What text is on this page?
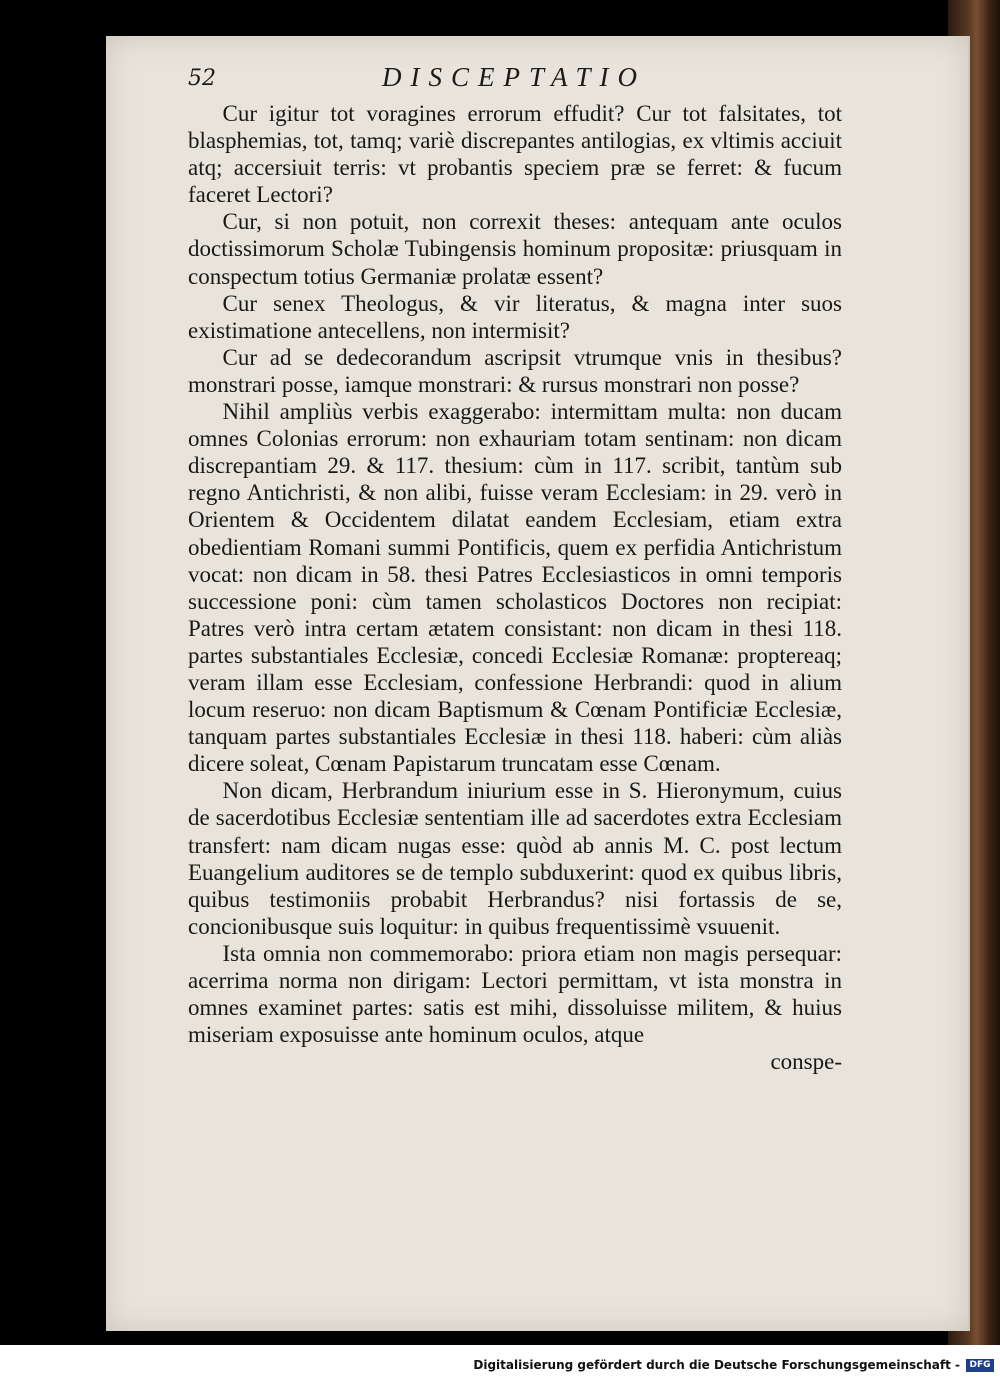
52	DISCEPTATIO

Cur igitur tot voragines errorum effudit? Cur tot falsitates, tot blasphemias, tot, tamq; variè discrepantes antilogias, ex vltimis acciuit atq; accersiuit terris: vt probantis speciem præ se ferret: & fucum faceret Lectori?

Cur, si non potuit, non correxit theses: antequam ante oculos doctissimorum Scholæ Tubingensis hominum propositæ: priusquam in conspectum totius Germaniæ prolatæ essent?

Cur senex Theologus, & vir literatus, & magna inter suos existimatione antecellens, non intermisit?

Cur ad se dedecorandum ascripsit vtrumque vnis in thesibus? monstrari posse, iamque monstrari: & rursus monstrari non posse?

Nihil ampliùs verbis exaggerabo: intermittam multa: non ducam omnes Colonias errorum: non exhauriam totam sentinam: non dicam discrepantiam 29. & 117. thesium: cùm in 117. scribit, tantùm sub regno Antichristi, & non alibi, fuisse veram Ecclesiam: in 29. verò in Orientem & Occidentem dilatat eandem Ecclesiam, etiam extra obedientiam Romani summi Pontificis, quem ex perfidia Antichristum vocat: non dicam in 58. thesi Patres Ecclesiasticos in omni temporis successione poni: cùm tamen scholasticos Doctores non recipiat: Patres verò intra certam ætatem consistant: non dicam in thesi 118. partes substantiales Ecclesiæ, concedi Ecclesiæ Romanæ: proptereaq; veram illam esse Ecclesiam, confessione Herbrandi: quod in alium locum reseruo: non dicam Baptismum & Cœnam Pontificiæ Ecclesiæ, tanquam partes substantiales Ecclesiæ in thesi 118. haberi: cùm aliàs dicere soleat, Cœnam Papistarum truncatam esse Cœnam.

Non dicam, Herbrandum iniurium esse in S. Hieronymum, cuius de sacerdotibus Ecclesiæ sententiam ille ad sacerdotes extra Ecclesiam transfert: nam dicam nugas esse: quòd ab annis M. C. post lectum Euangelium auditores se de templo subduxerint: quod ex quibus libris, quibus testimoniis probabit Herbrandus? nisi fortassis de se, concionibusque suis loquitur: in quibus frequentissimè vsuuenit.

Ista omnia non commemorabo: priora etiam non magis persequar: acerrima norma non dirigam: Lectori permittam, vt ista monstra in omnes examinet partes: satis est mihi, dissoluisse militem, & huius miseriam exposuisse ante hominum oculos, atque

conspe-

Digitalisierung gefördert durch die Deutsche Forschungsgemeinschaft -	DFG
